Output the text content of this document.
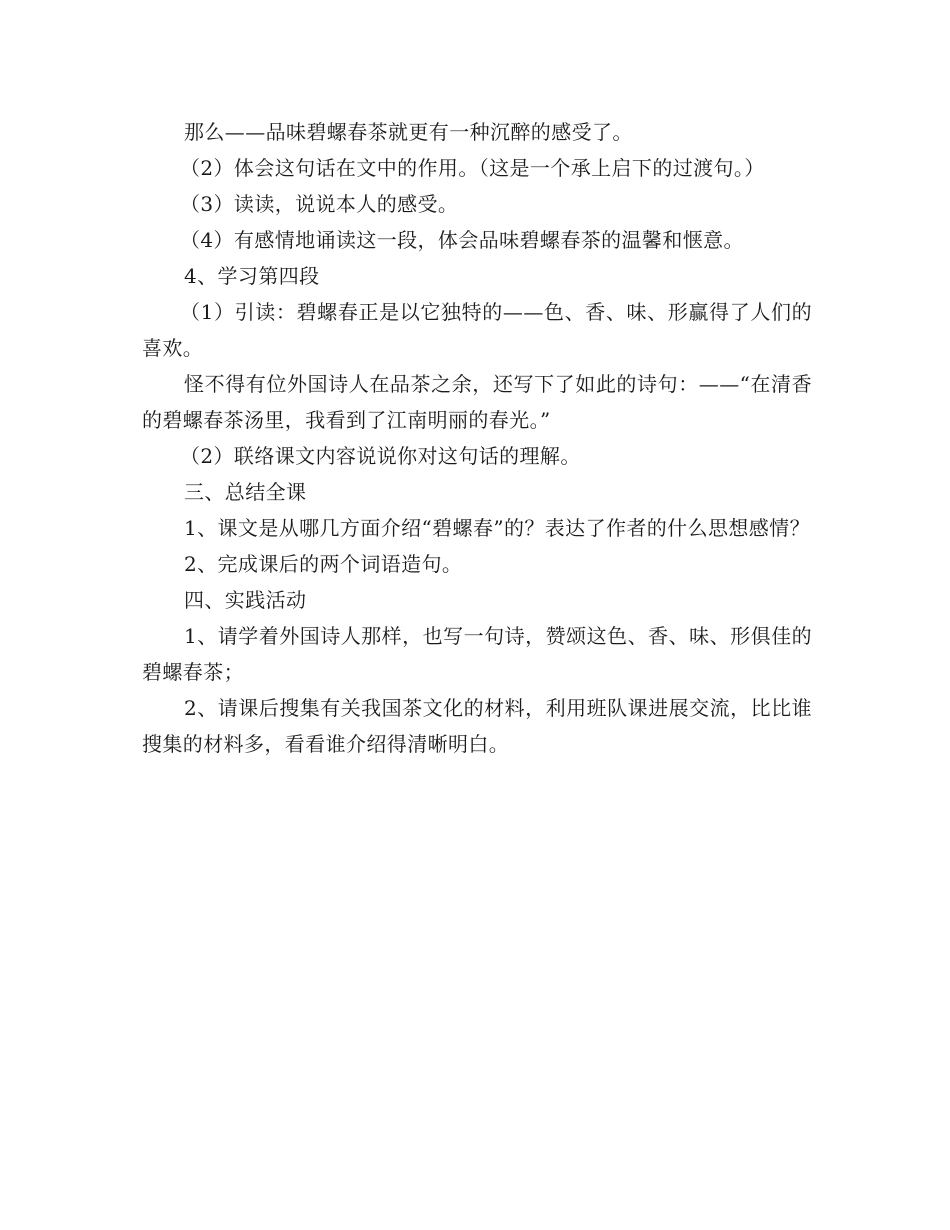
那么——品味碧螺春茶就更有一种沉醉的感受了。

（2）体会这句话在文中的作用。（这是一个承上启下的过渡句。）

（3）读读，说说本人的感受。

（4）有感情地诵读这一段，体会品味碧螺春茶的温馨和惬意。

4、学习第四段

（1）引读：碧螺春正是以它独特的——色、香、味、形赢得了人们的喜欢。

怪不得有位外国诗人在品茶之余，还写下了如此的诗句：——“在清香的碧螺春茶汤里，我看到了江南明丽的春光。”

（2）联络课文内容说说你对这句话的理解。

三、总结全课

1、课文是从哪几方面介绍“碧螺春”的？表达了作者的什么思想感情？

2、完成课后的两个词语造句。

四、实践活动

1、请学着外国诗人那样，也写一句诗，赞颂这色、香、味、形俱佳的碧螺春茶；

2、请课后搜集有关我国茶文化的材料，利用班队课进展交流，比比谁搜集的材料多，看看谁介绍得清晰明白。
